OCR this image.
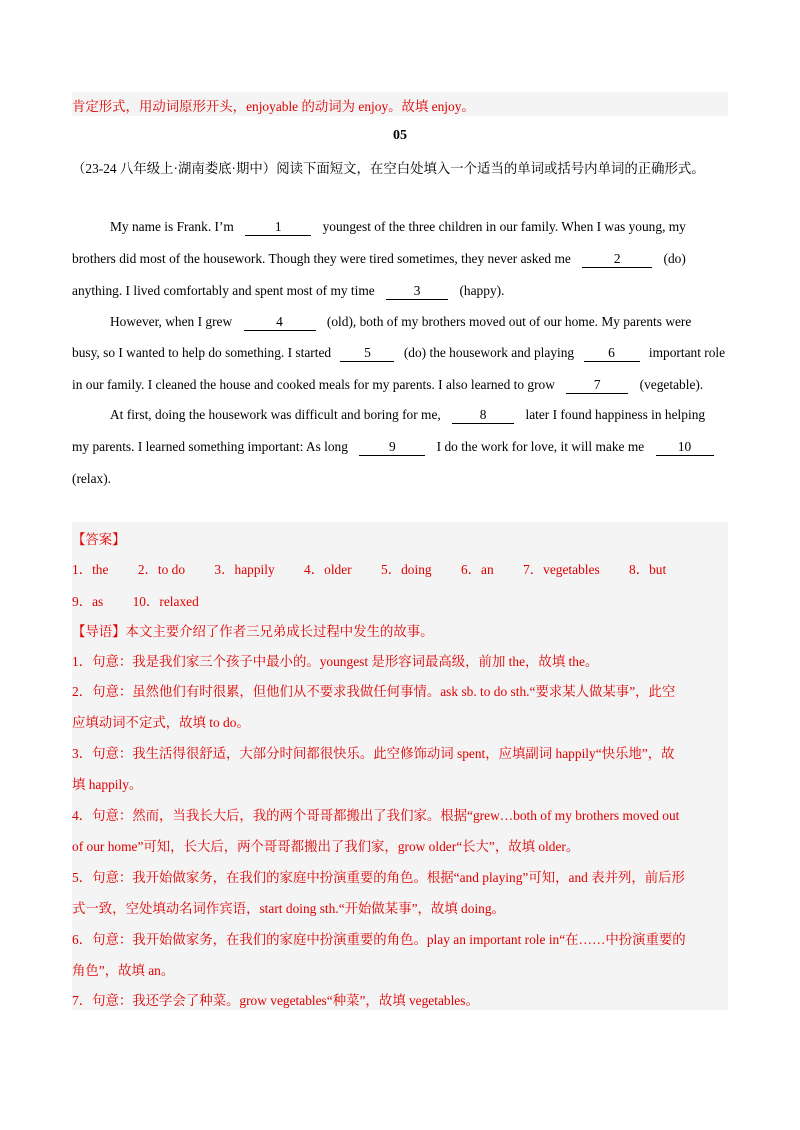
肯定形式，用动词原形开头，enjoyable 的动词为 enjoy。故填 enjoy。
05
（23-24 八年级上·湖南娄底·期中）阅读下面短文，在空白处填入一个适当的单词或括号内单词的正确形式。
My name is Frank. I’m	1	youngest of the three children in our family. When I was young, my
brothers did most of the housework. Though they were tired sometimes, they never asked me	2	(do)
anything. I lived comfortably and spent most of my time	3	(happy).
However, when I grew	4	(old), both of my brothers moved out of our home. My parents were
busy, so I wanted to help do something. I started 5 (do) the housework and playing	6	important role
in our family. I cleaned the house and cooked meals for my parents. I also learned to grow	7	(vegetable).
At first, doing the housework was difficult and boring for me,	8	later I found happiness in helping
my parents. I learned something important: As long	9	I do the work for love, it will make me	10
(relax).
【答案】
1．the 2．to do 3．happily 4．older 5．doing 6．an 7．vegetables 8．but
9．as 10．relaxed
【导语】本文主要介绍了作者三兄弟成长过程中发生的故事。
1．句意：我是我们家三个孩子中最小的。youngest 是形容词最高级，前加 the，故填 the。
2．句意：虽然他们有时很累，但他们从不要求我做任何事情。ask sb. to do sth.“要求某人做某事”，此空
应填动词不定式，故填 to do。
3．句意：我生活得很舒适，大部分时间都很快乐。此空修饰动词 spent，应填副词 happily“快乐地”，故
填 happily。
4．句意：然而，当我长大后，我的两个哥哥都搬出了我们家。根据“grew…both of my brothers moved out
of our home”可知，长大后，两个哥哥都搬出了我们家，grow older“长大”，故填 older。
5．句意：我开始做家务，在我们的家庭中扮演重要的角色。根据“and playing”可知，and 表并列，前后形
式一致，空处填动名词作宾语，start doing sth.“开始做某事”，故填 doing。
6．句意：我开始做家务，在我们的家庭中扮演重要的角色。play an important role in“在……中扮演重要的
角色”，故填 an。
7．句意：我还学会了种菜。grow vegetables“种菜”，故填 vegetables。
